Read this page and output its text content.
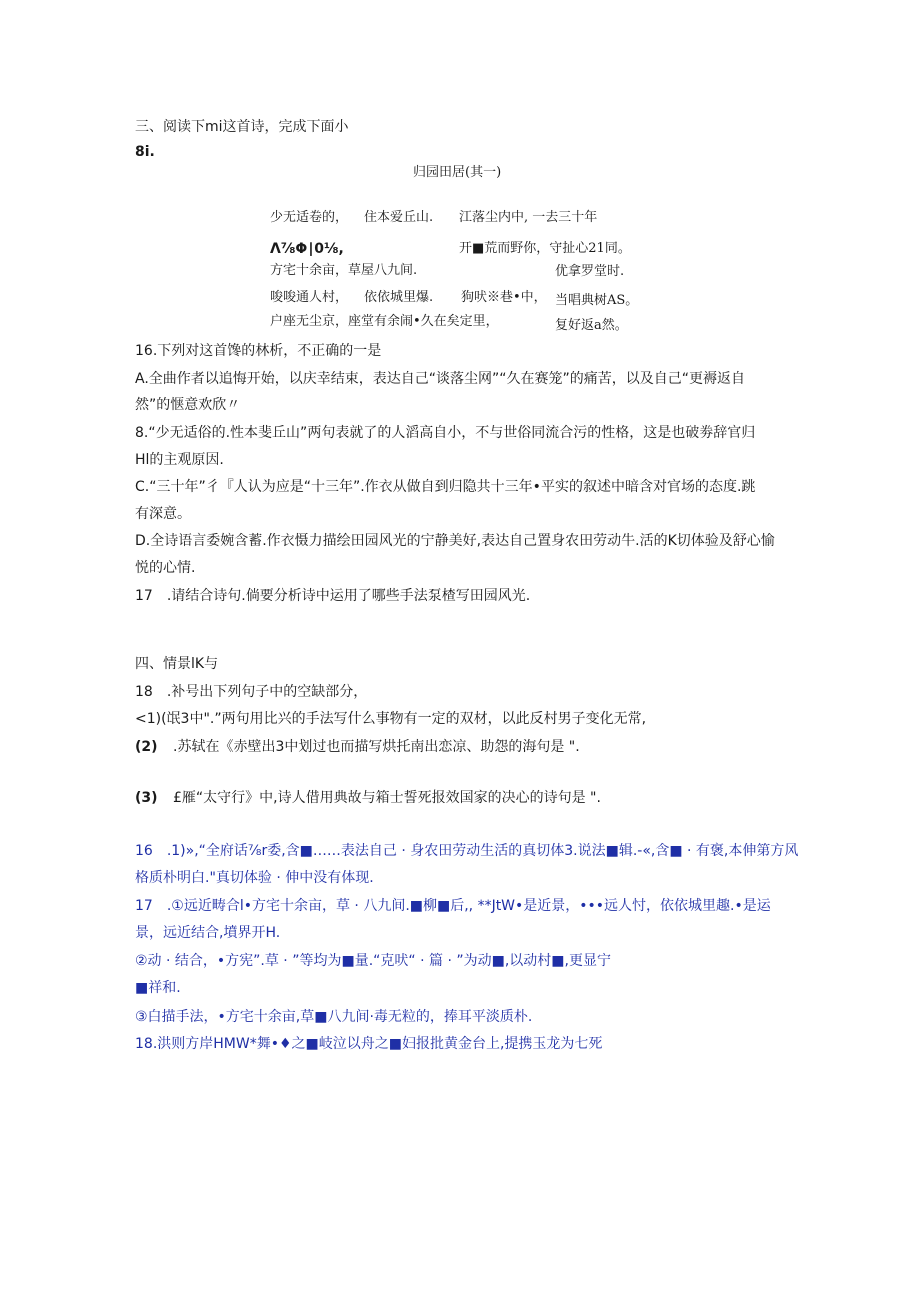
三、阅读下mi这首诗，完成下面小
8i.
归园田居(其一)
少无适卷的， 住本爱丘山. 江落尘内中, 一去三十年
Λ⅞Φ∣0⅛,	开■荒而野你，守扯心21同。
方宅十余亩，草屋八九间.	优拿罗堂时.
唆唆通人村， 依依城里爆. 狗吠※巷•中， 当唱典树AS。
户座无尘京，座堂有余闹•久在矣定里，	复好返a然。
16.下列对这首馋的林析，不正确的一是
A.全曲作者以追悔开始，以庆幸结束，表达自己“谈落尘网”“久在赛笼”的痛苦，以及自己“更褥返自
然”的惬意欢欣〃
8.“少无适俗的.性本斐丘山”两句表就了的人滔高自小，不与世俗同流合污的性格，这是也破劵辞官归
Hl的主观原因.
C.“三十年”彳『人认为应是“十三年”.作衣从做自到归隐共十三年•平实的叙述中暗含对官场的态度.跳
有深意。
D.全诗语言委婉含蓄.作衣慑力描绘田园风光的宁静美好,表达自己置身农田劳动牛.活的K切体验及舒心愉
悦的心情.
17　.请结合诗句.倘要分析诗中运用了哪些手法泵楂写田园风光.
四、情景lK与
18　.补号出下列句子中的空缺部分，
<1)(氓3中".”两句用比兴的手法写什么事物有一定的双材，以此反村男子变化无常,
(2) .苏轼在《赤壁出3中划过也而描写烘托南出恋凉、助怨的海句是 ".
(3) £雁“太守行》中,诗人借用典故与箱士誓死报效国家的决心的诗句是 ".
16　.1)»,“全府话⅞r委,含■……表法自己 · 身农田劳动生活的真切体3.说法■辑.-«,含■ · 有褒,本伸第方风
格质朴明白."真切体验 · 伸中没有体现.
17　.①远近畴合l•方宅十余亩，草 · 八九间.■柳■后,, **JtW•是近景，•••远人忖，依依城里趣.•是运
景，远近结合,墳界开H.
②动 · 结合，•方宪”.草 · ”等均为■量.“克吠“ · 篇 · ”为动■,以动村■,更显宁
■祥和.
③白描手法，•方宅十余亩,草■八九间·毒无粒的，捧耳平淡质朴.
18.洪则方岸HMW*舞•♦之■岐泣以舟之■妇报批黄金台上,提携玉龙为七死
